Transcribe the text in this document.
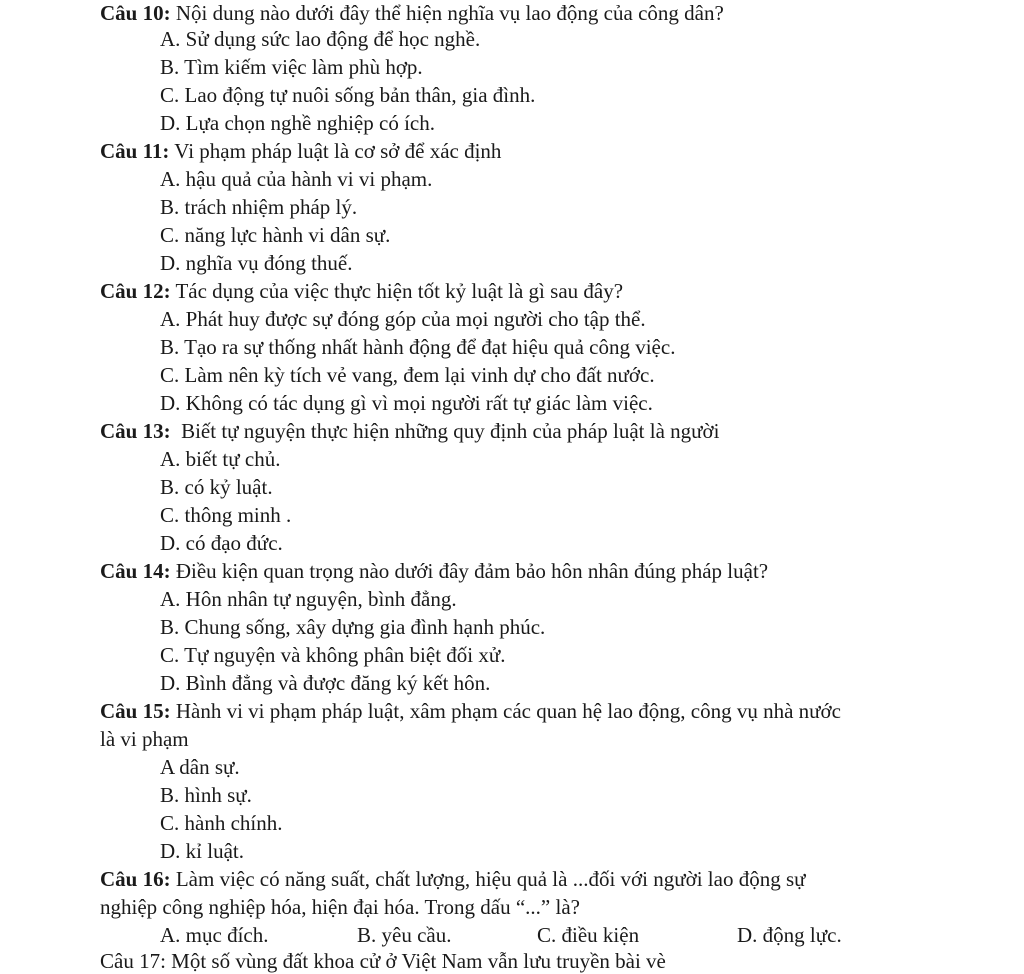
Câu 10: Nội dung nào dưới đây thể hiện nghĩa vụ lao động của công dân?
A. Sử dụng sức lao động để học nghề.
B. Tìm kiếm việc làm phù hợp.
C. Lao động tự nuôi sống bản thân, gia đình.
D. Lựa chọn nghề nghiệp có ích.
Câu 11: Vi phạm pháp luật là cơ sở để xác định
A. hậu quả của hành vi vi phạm.
B. trách nhiệm pháp lý.
C. năng lực hành vi dân sự.
D. nghĩa vụ đóng thuế.
Câu 12: Tác dụng của việc thực hiện tốt kỷ luật là gì sau đây?
A. Phát huy được sự đóng góp của mọi người cho tập thể.
B. Tạo ra sự thống nhất hành động để đạt hiệu quả công việc.
C. Làm nên kỳ tích vẻ vang, đem lại vinh dự cho đất nước.
D. Không có tác dụng gì vì mọi người rất tự giác làm việc.
Câu 13:  Biết tự nguyện thực hiện những quy định của pháp luật là người
A. biết tự chủ.
B. có kỷ luật.
C. thông minh .
D. có đạo đức.
Câu 14: Điều kiện quan trọng nào dưới đây đảm bảo hôn nhân đúng pháp luật?
A. Hôn nhân tự nguyện, bình đẳng.
B. Chung sống, xây dựng gia đình hạnh phúc.
C. Tự nguyện và không phân biệt đối xử.
D. Bình đẳng và được đăng ký kết hôn.
Câu 15: Hành vi vi phạm pháp luật, xâm phạm các quan hệ lao động, công vụ nhà nước
là vi phạm
A dân sự.
B. hình sự.
C. hành chính.
D. kỉ luật.
Câu 16: Làm việc có năng suất, chất lượng, hiệu quả là ...đối với người lao động sự
nghiệp công nghiệp hóa, hiện đại hóa. Trong dấu “...” là?
A. mục đích.	B. yêu cầu.	C. điều kiện	D. động lực.
Câu 17: Một số vùng đất khoa cử ở Việt Nam vẫn lưu truyền bài vè
